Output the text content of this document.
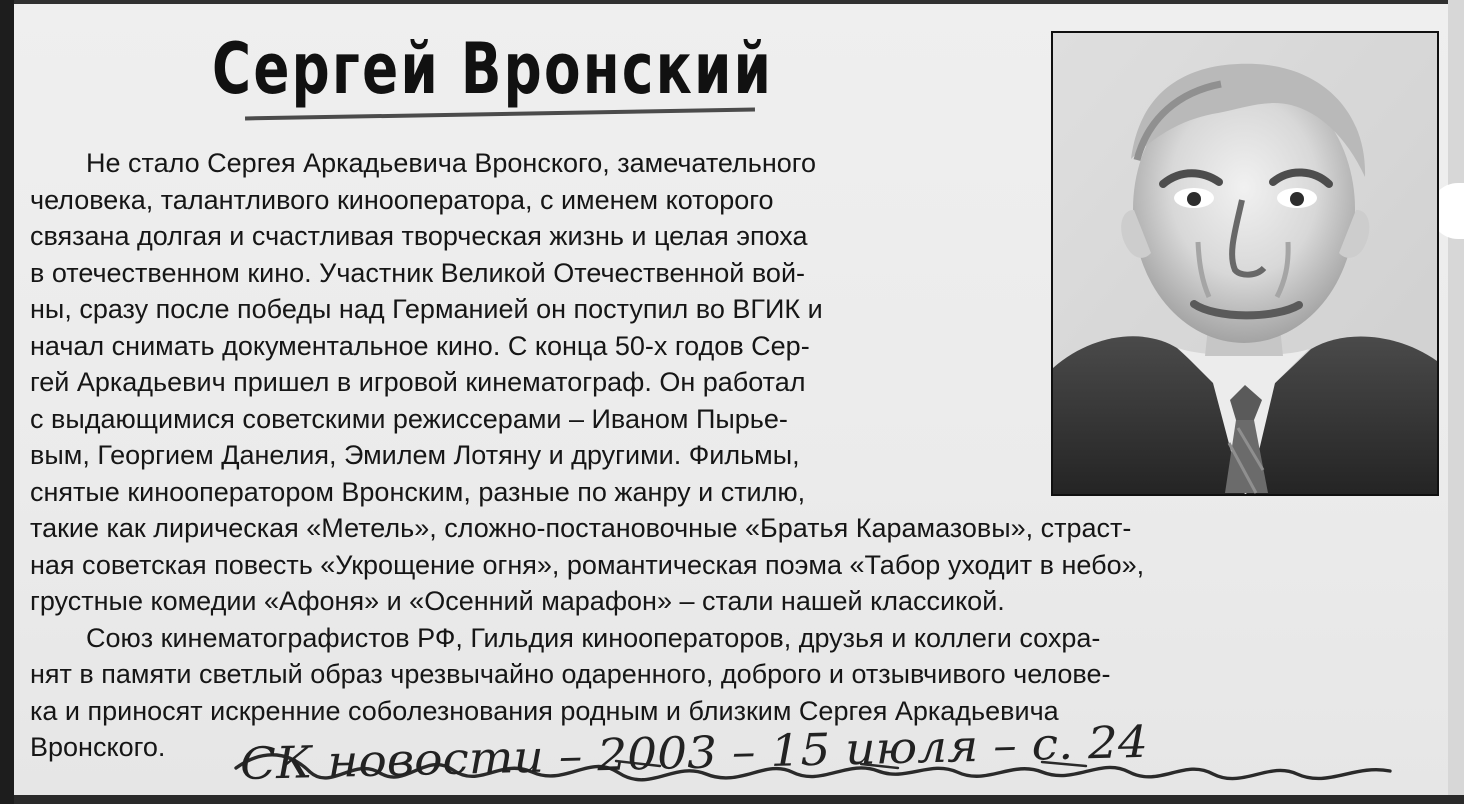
Сергей Вронский
Не стало Сергея Аркадьевича Вронского, замечательного
человека, талантливого кинооператора, с именем которого
связана долгая и счастливая творческая жизнь и целая эпоха
в отечественном кино. Участник Великой Отечественной вой-
ны, сразу после победы над Германией он поступил во ВГИК и
начал снимать документальное кино. С конца 50-х годов Сер-
гей Аркадьевич пришел в игровой кинематограф. Он работал
с выдающимися советскими режиссерами – Иваном Пырье-
вым, Георгием Данелия, Эмилем Лотяну и другими. Фильмы,
снятые кинооператором Вронским, разные по жанру и стилю,
такие как лирическая «Метель», сложно-постановочные «Братья Карамазовы», страст-
ная советская повесть «Укрощение огня», романтическая поэма «Табор уходит в небо»,
грустные комедии «Афоня» и «Осенний марафон» – стали нашей классикой.
Союз кинематографистов РФ, Гильдия кинооператоров, друзья и коллеги сохра-
нят в памяти светлый образ чрезвычайно одаренного, доброго и отзывчивого челове-
ка и приносят искренние соболезнования родным и близким Сергея Аркадьевича
Вронского.	СК новости – 2003 – 15 июля – с. 24
